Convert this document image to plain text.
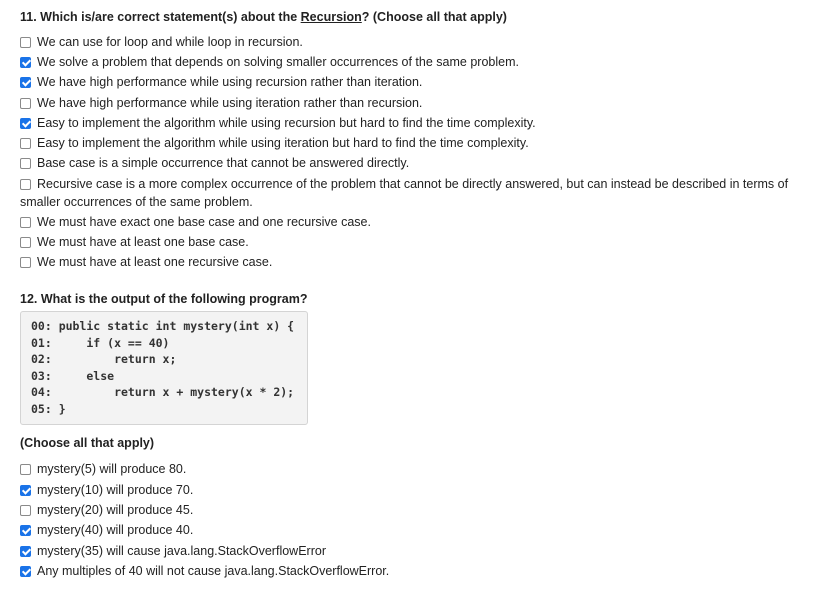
11. Which is/are correct statement(s) about the Recursion? (Choose all that apply)
We can use for loop and while loop in recursion.
We solve a problem that depends on solving smaller occurrences of the same problem.
We have high performance while using recursion rather than iteration.
We have high performance while using iteration rather than recursion.
Easy to implement the algorithm while using recursion but hard to find the time complexity.
Easy to implement the algorithm while using iteration but hard to find the time complexity.
Base case is a simple occurrence that cannot be answered directly.
Recursive case is a more complex occurrence of the problem that cannot be directly answered, but can instead be described in terms of smaller occurrences of the same problem.
We must have exact one base case and one recursive case.
We must have at least one base case.
We must have at least one recursive case.
12. What is the output of the following program?
00: public static int mystery(int x) {
01:     if (x == 40)
02:         return x;
03:     else
04:         return x + mystery(x * 2);
05: }
(Choose all that apply)
mystery(5) will produce 80.
mystery(10) will produce 70.
mystery(20) will produce 45.
mystery(40) will produce 40.
mystery(35) will cause java.lang.StackOverflowError
Any multiples of 40 will not cause java.lang.StackOverflowError.
